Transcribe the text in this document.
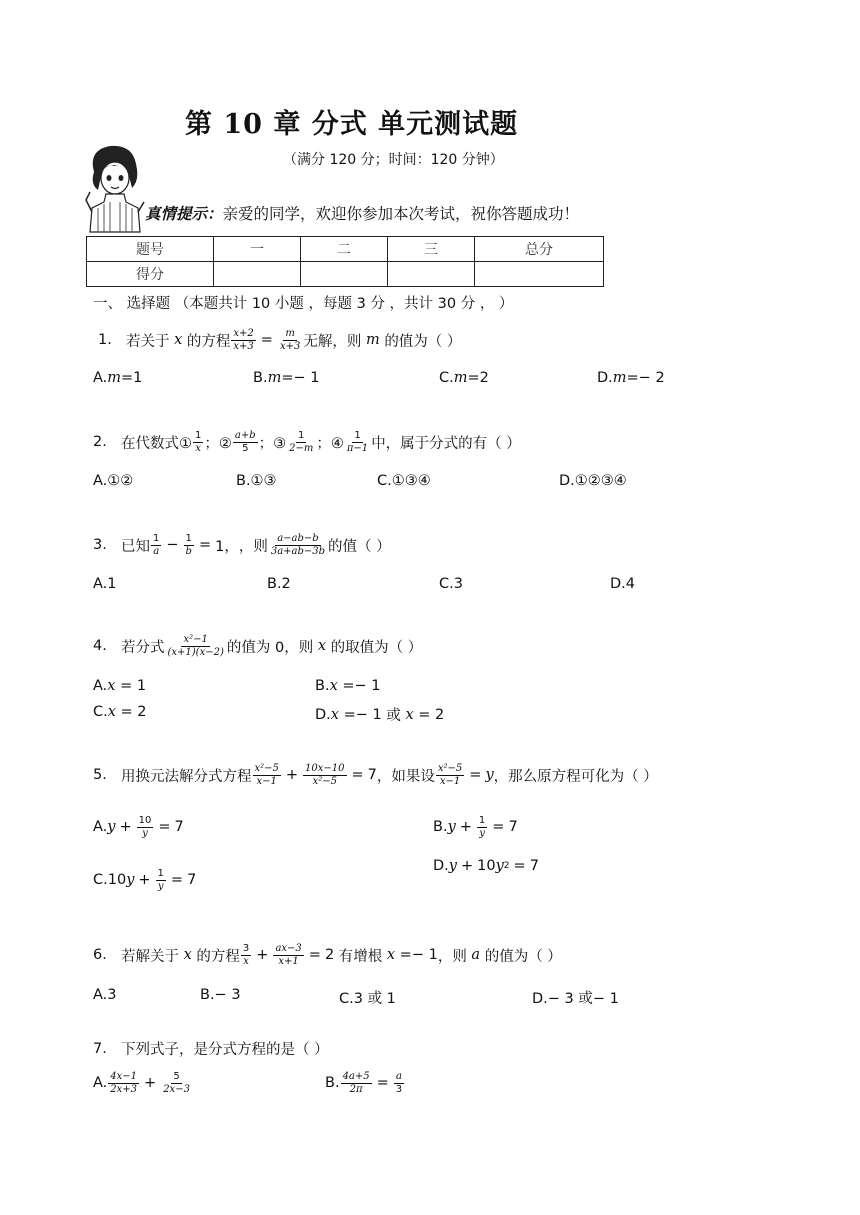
第 10 章 分式 单元测试题
（满分 120 分；时间：120 分钟）
真情提示：亲爱的同学，欢迎你参加本次考试，祝你答题成功！
题号	一	二	三	总分
得分				
一、 选择题 （本题共计 10 小题 ，每题 3 分 ，共计 30 分 ， ）
1. 若关于 x 的方程 $\frac{x+2}{x+3} = \frac{m}{x+3}$ 无解，则 m 的值为（ ）
A. m =1	B. m =− 1	C. m =2	D. m =− 2
2. 在代数式① $\frac{1}{x}$ ；② $\frac{a+b}{5}$ ；③ $\frac{1}{2-m}$ ；④ $\frac{1}{\pi-1}$ 中，属于分式的有（ ）
A.①②	B.①③	C.①③④	D.①②③④
3. 已知 $\frac{1}{a} - \frac{1}{b} = 1$， ，则 $\frac{a-ab-b}{3a+ab-3b}$ 的值（ ）
A.1	B.2	C.3	D.4
4. 若分式 $\frac{\text{x²−1}}{(x+1)(x-2)}$ 的值为 0，则 x 的取值为（ ）
A. x = 1	B. x =− 1
C. x = 2	D. x =− 1 或
x = 2
5. 用换元法解分式方程 $\frac{\text{x²−5}}{x-1} + \frac{10x-10}{\text{x²−5}} = 7$ ，如果设 $\frac{\text{x²−5}}{x-1} = y$ ，那么原方程可化为（ ）
A. $y + \frac{10}{y} = 7$	B. $y + \frac{1}{y} = 7$
C. 10 $y + \frac{1}{y} = 7$
D. y + 10 y 2 = 7
6. 若解关于 x 的方程 $\frac{3}{x} + \frac{ax-3}{x+1} = 2$ 有增根
x =− 1 ，则 a 的值为（ ）
A.3	B.− 3	C.3 或 1	D.− 3 或− 1
7. 下列式子，是分式方程的是（ ）
A. $\frac{4x-1}{2x+3} + \frac{5}{2x-3}$	B. $\frac{4a+5}{2\pi} = \frac{a}{3}$
